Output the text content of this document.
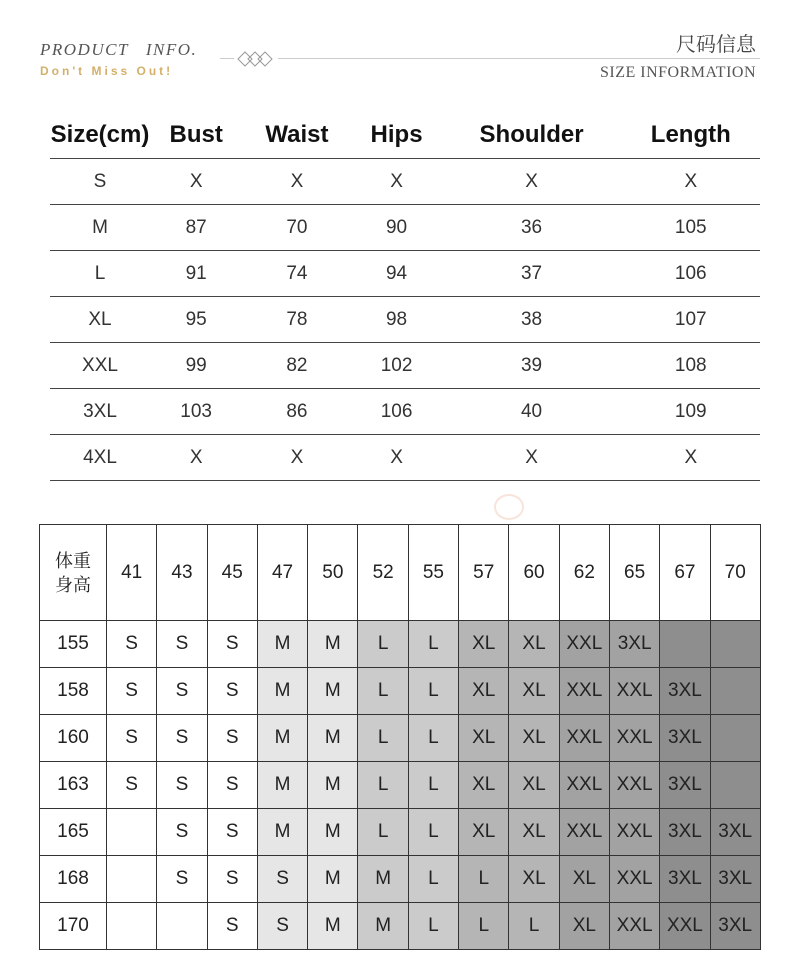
PRODUCT   INFO.
Don't Miss Out!
尺码信息
SIZE INFORMATION
Size(cm)	Bust	Waist	Hips	Shoulder	Length
S	X	X	X	X	X
M	87	70	90	36	105
L	91	74	94	37	106
XL	95	78	98	38	107
XXL	99	82	102	39	108
3XL	103	86	106	40	109
4XL	X	X	X	X	X
体重
身高	41	43	45	47	50	52	55	57	60	62	65	67	70
155	S	S	S	M	M	L	L	XL	XL	XXL	3XL		
158	S	S	S	M	M	L	L	XL	XL	XXL	XXL	3XL	
160	S	S	S	M	M	L	L	XL	XL	XXL	XXL	3XL	
163	S	S	S	M	M	L	L	XL	XL	XXL	XXL	3XL	
165		S	S	M	M	L	L	XL	XL	XXL	XXL	3XL	3XL
168		S	S	S	M	M	L	L	XL	XL	XXL	3XL	3XL
170			S	S	M	M	L	L	L	XL	XXL	XXL	3XL
